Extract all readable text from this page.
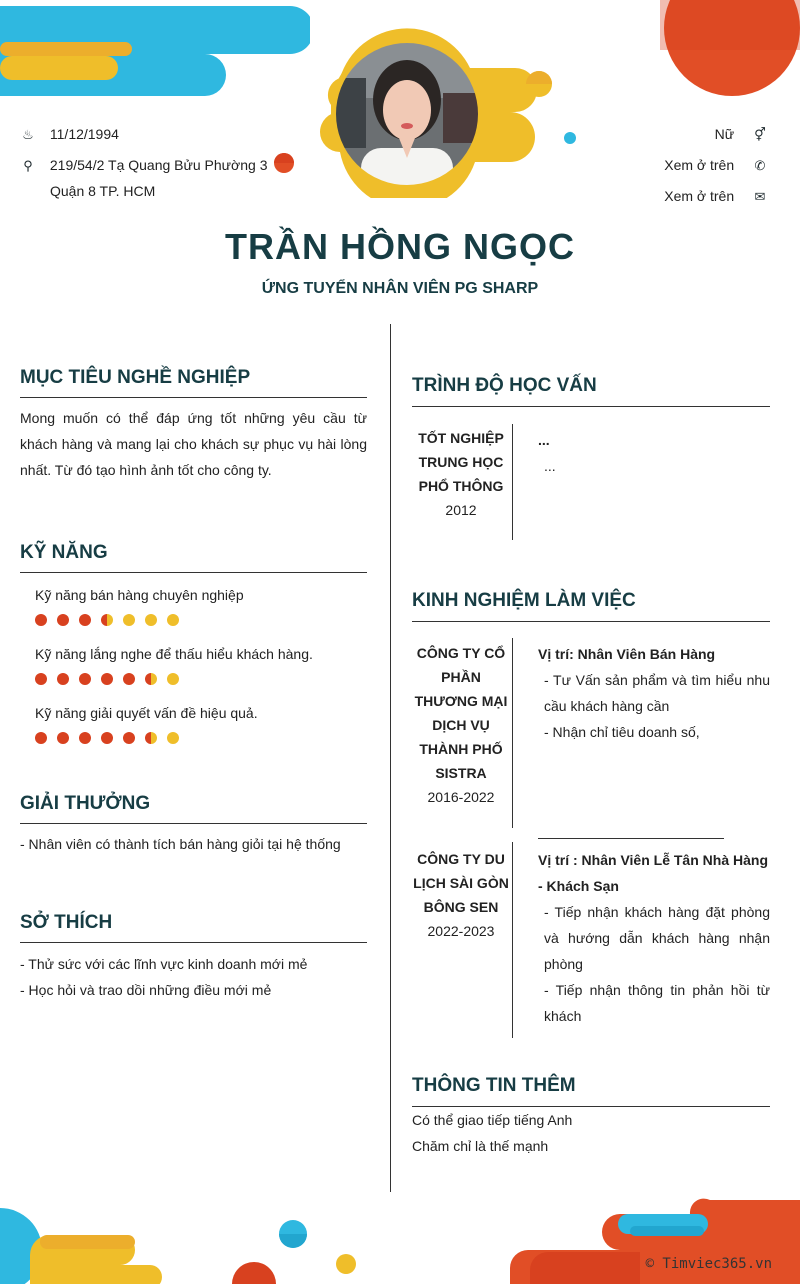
♨ 11/12/1994
⚲ 219/54/2 Tạ Quang Bửu Phường 3
Quận 8 TP. HCM
Nữ ⚥
Xem ở trên ✆
Xem ở trên ✉
TRẦN HỒNG NGỌC
ỨNG TUYỂN NHÂN VIÊN PG SHARP
MỤC TIÊU NGHỀ NGHIỆP
Mong muốn có thể đáp ứng tốt những yêu cầu từ khách hàng và mang lại cho khách sự phục vụ hài lòng nhất. Từ đó tạo hình ảnh tốt cho công ty.
KỸ NĂNG
Kỹ năng bán hàng chuyên nghiệp
Kỹ năng lắng nghe để thấu hiểu khách hàng.
Kỹ năng giải quyết vấn đề hiệu quả.
GIẢI THƯỞNG
- Nhân viên có thành tích bán hàng giỏi tại hệ thống
SỞ THÍCH
- Thử sức với các lĩnh vực kinh doanh mới mẻ
- Học hỏi và trao dồi những điều mới mẻ
TRÌNH ĐỘ HỌC VẤN
TỐT NGHIỆP TRUNG HỌC PHỔ THÔNG
2012
...
...
KINH NGHIỆM LÀM VIỆC
CÔNG TY CỔ PHẦN THƯƠNG MẠI DỊCH VỤ THÀNH PHỐ SISTRA
2016-2022
Vị trí: Nhân Viên Bán Hàng
- Tư Vấn sản phẩm và tìm hiểu nhu cầu khách hàng cần
- Nhận chỉ tiêu doanh số,
CÔNG TY DU LỊCH SÀI GÒN BÔNG SEN
2022-2023
Vị trí : Nhân Viên Lễ Tân Nhà Hàng - Khách Sạn
- Tiếp nhận khách hàng đặt phòng và hướng dẫn khách hàng nhận phòng
- Tiếp nhận thông tin phản hồi từ khách
THÔNG TIN THÊM
Có thể giao tiếp tiếng Anh
Chăm chỉ là thế mạnh
© Timviec365.vn
